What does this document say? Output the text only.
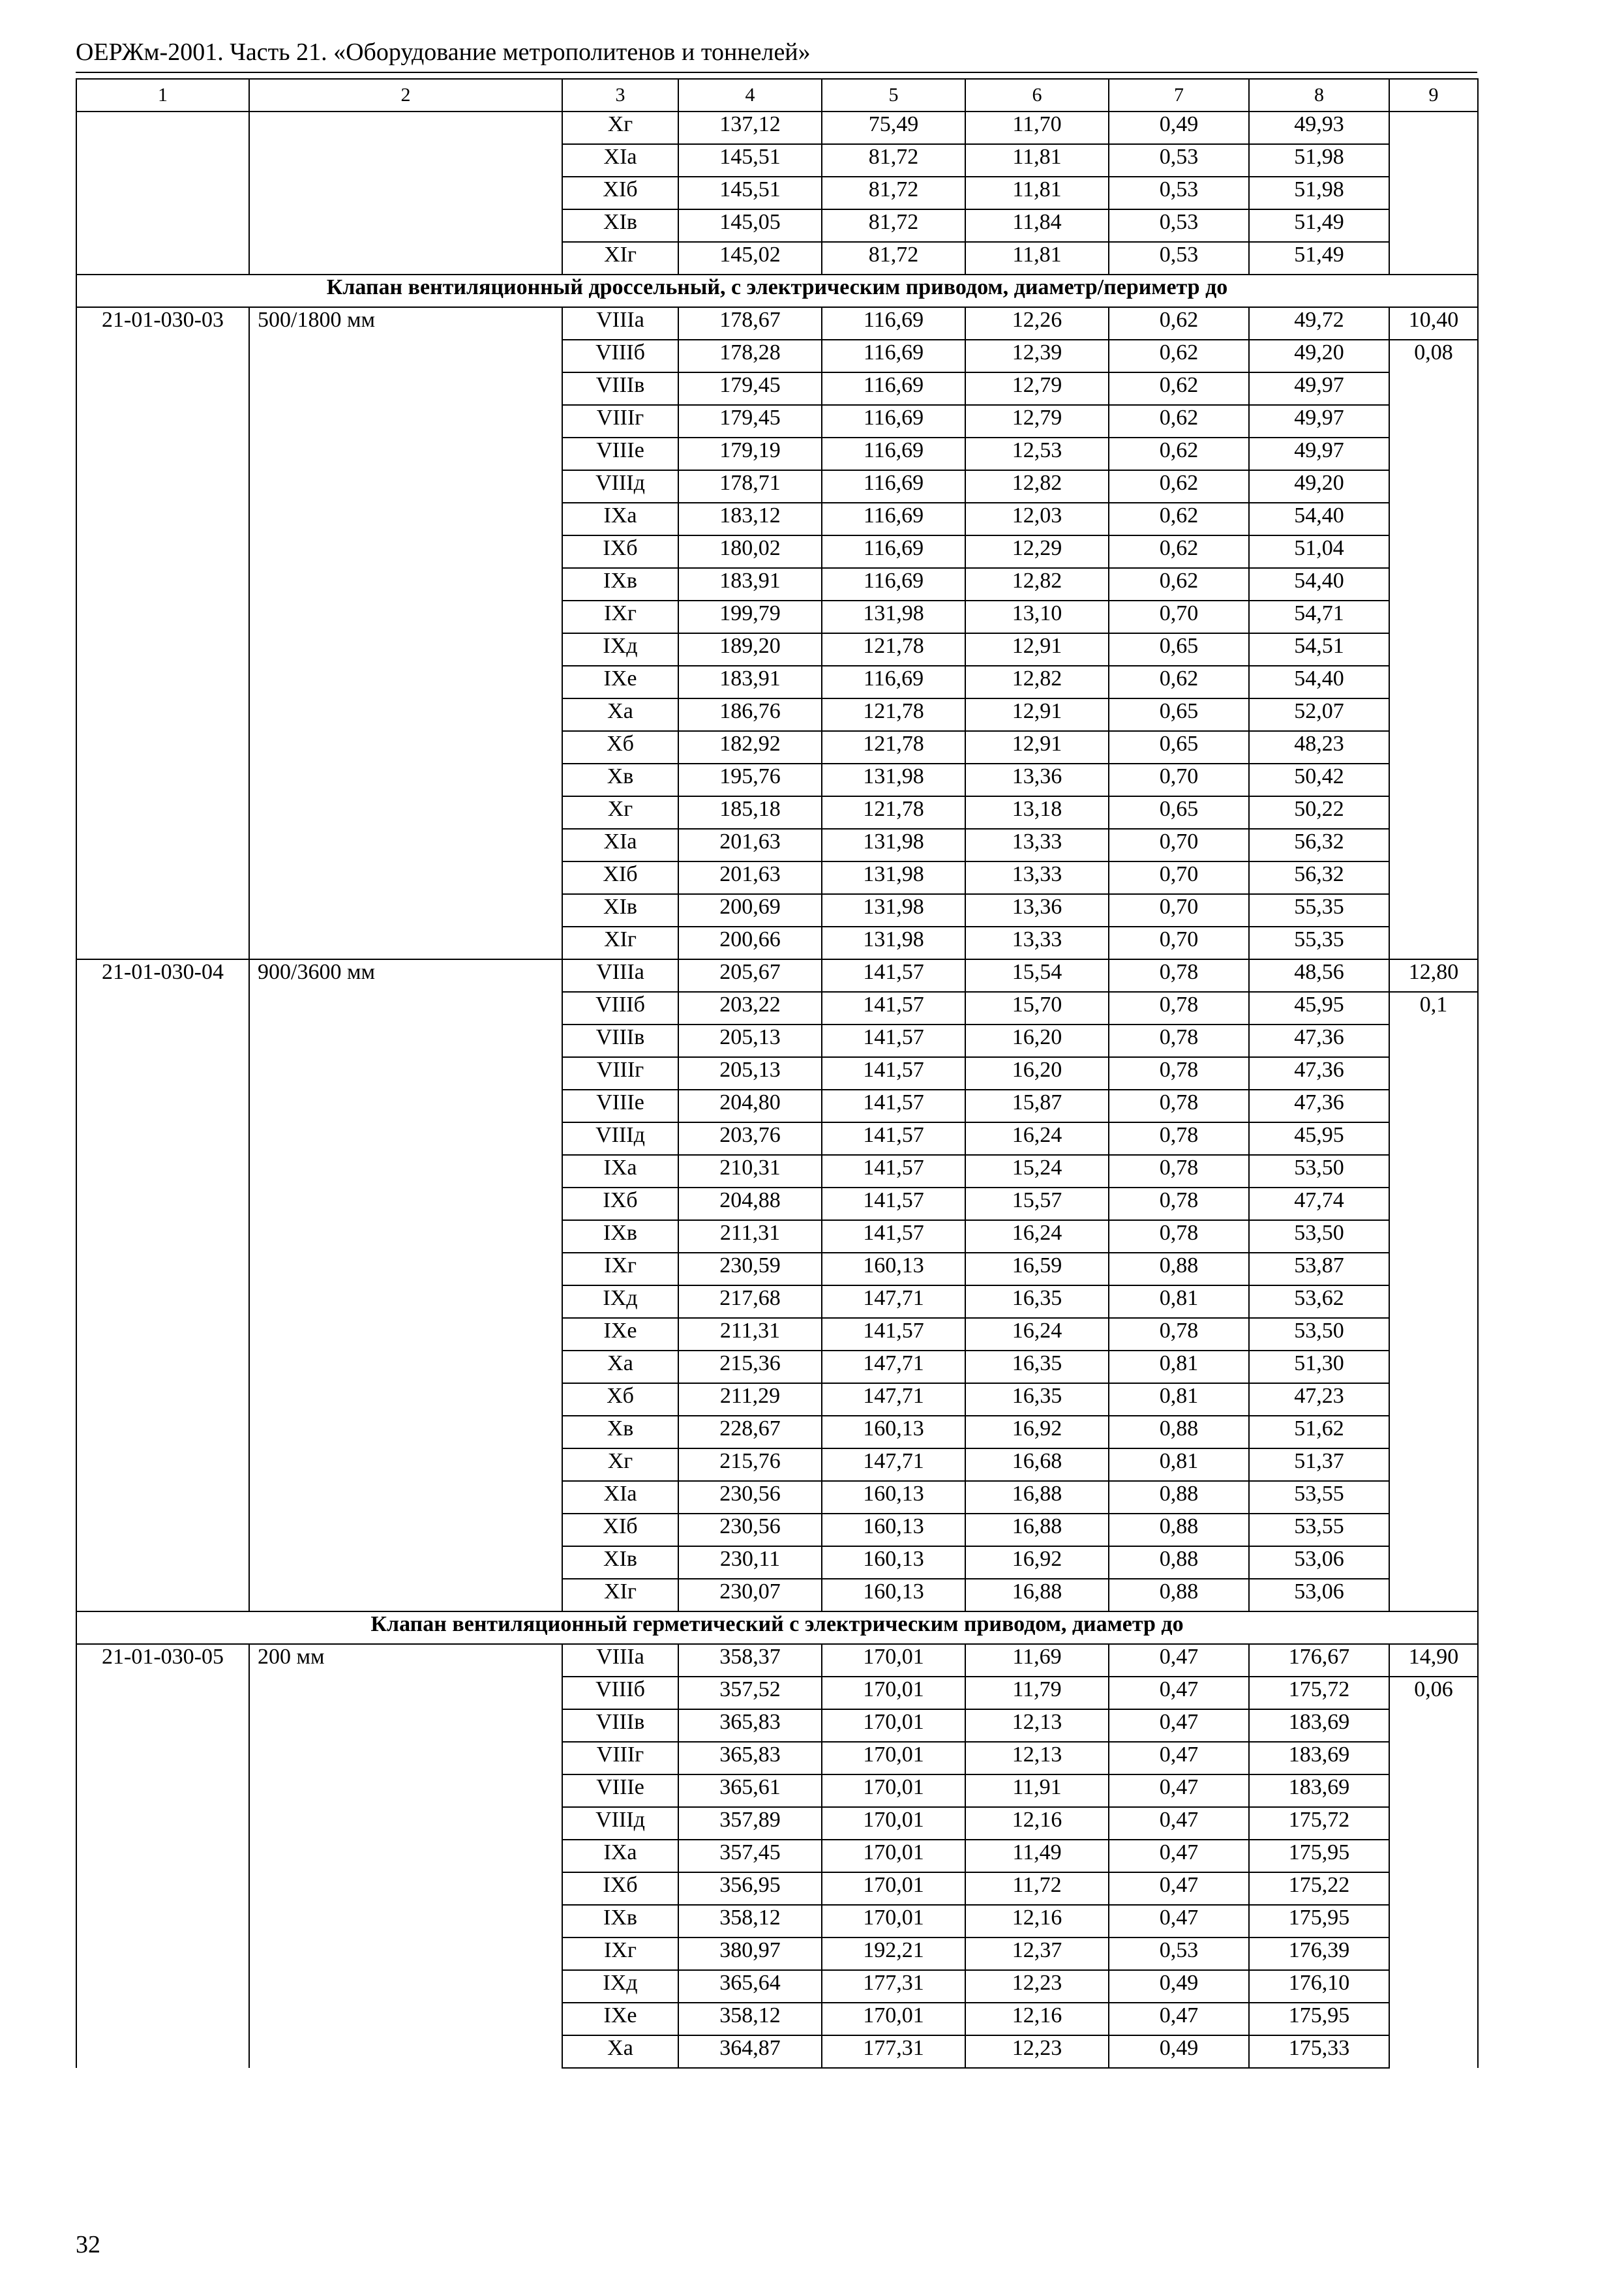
ОЕРЖм-2001. Часть 21. «Оборудование метрополитенов и тоннелей»
1	2	3	4	5	6	7	8	9
		Xг	137,12	75,49	11,70	0,49	49,93	
		XIa	145,51	81,72	11,81	0,53	51,98	
		XIб	145,51	81,72	11,81	0,53	51,98	
		XIв	145,05	81,72	11,84	0,53	51,49	
		XIг	145,02	81,72	11,81	0,53	51,49	
Клапан вентиляционный дроссельный, с электрическим приводом, диаметр/периметр до								
21-01-030-03	500/1800 мм	VIIIa	178,67	116,69	12,26	0,62	49,72	10,40
		VIIIб	178,28	116,69	12,39	0,62	49,20	0,08
		VIIIв	179,45	116,69	12,79	0,62	49,97	
		VIIIг	179,45	116,69	12,79	0,62	49,97	
		VIIIe	179,19	116,69	12,53	0,62	49,97	
		VIIIд	178,71	116,69	12,82	0,62	49,20	
		IXa	183,12	116,69	12,03	0,62	54,40	
		IXб	180,02	116,69	12,29	0,62	51,04	
		IXв	183,91	116,69	12,82	0,62	54,40	
		IXг	199,79	131,98	13,10	0,70	54,71	
		IXд	189,20	121,78	12,91	0,65	54,51	
		IXe	183,91	116,69	12,82	0,62	54,40	
		Xa	186,76	121,78	12,91	0,65	52,07	
		Xб	182,92	121,78	12,91	0,65	48,23	
		Xв	195,76	131,98	13,36	0,70	50,42	
		Xг	185,18	121,78	13,18	0,65	50,22	
		XIa	201,63	131,98	13,33	0,70	56,32	
		XIб	201,63	131,98	13,33	0,70	56,32	
		XIв	200,69	131,98	13,36	0,70	55,35	
		XIг	200,66	131,98	13,33	0,70	55,35	
21-01-030-04	900/3600 мм	VIIIa	205,67	141,57	15,54	0,78	48,56	12,80
		VIIIб	203,22	141,57	15,70	0,78	45,95	0,1
		VIIIв	205,13	141,57	16,20	0,78	47,36	
		VIIIг	205,13	141,57	16,20	0,78	47,36	
		VIIIe	204,80	141,57	15,87	0,78	47,36	
		VIIIд	203,76	141,57	16,24	0,78	45,95	
		IXa	210,31	141,57	15,24	0,78	53,50	
		IXб	204,88	141,57	15,57	0,78	47,74	
		IXв	211,31	141,57	16,24	0,78	53,50	
		IXг	230,59	160,13	16,59	0,88	53,87	
		IXд	217,68	147,71	16,35	0,81	53,62	
		IXe	211,31	141,57	16,24	0,78	53,50	
		Xa	215,36	147,71	16,35	0,81	51,30	
		Xб	211,29	147,71	16,35	0,81	47,23	
		Xв	228,67	160,13	16,92	0,88	51,62	
		Xг	215,76	147,71	16,68	0,81	51,37	
		XIa	230,56	160,13	16,88	0,88	53,55	
		XIб	230,56	160,13	16,88	0,88	53,55	
		XIв	230,11	160,13	16,92	0,88	53,06	
		XIг	230,07	160,13	16,88	0,88	53,06	
Клапан вентиляционный герметический с электрическим приводом, диаметр до								
21-01-030-05	200 мм	VIIIa	358,37	170,01	11,69	0,47	176,67	14,90
		VIIIб	357,52	170,01	11,79	0,47	175,72	0,06
		VIIIв	365,83	170,01	12,13	0,47	183,69	
		VIIIг	365,83	170,01	12,13	0,47	183,69	
		VIIIe	365,61	170,01	11,91	0,47	183,69	
		VIIIд	357,89	170,01	12,16	0,47	175,72	
		IXa	357,45	170,01	11,49	0,47	175,95	
		IXб	356,95	170,01	11,72	0,47	175,22	
		IXв	358,12	170,01	12,16	0,47	175,95	
		IXг	380,97	192,21	12,37	0,53	176,39	
		IXд	365,64	177,31	12,23	0,49	176,10	
		IXe	358,12	170,01	12,16	0,47	175,95	
		Xa	364,87	177,31	12,23	0,49	175,33	
32
